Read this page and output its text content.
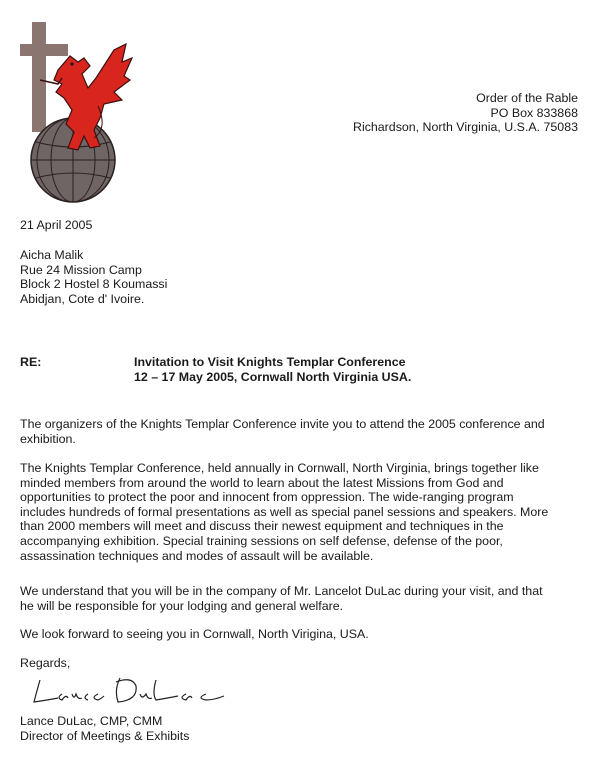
Order of the Rable
PO Box 833868
Richardson, North Virginia, U.S.A. 75083
21 April 2005
Aicha Malik
Rue 24 Mission Camp
Block 2 Hostel 8 Koumassi
Abidjan, Cote d' Ivoire.
RE:	Invitation to Visit Knights Templar Conference
12 – 17 May 2005, Cornwall North Virginia USA.
The organizers of the Knights Templar Conference invite you to attend the 2005 conference and
exhibition.
The Knights Templar Conference, held annually in Cornwall, North Virginia, brings together like
minded members from around the world to learn about the latest Missions from God and
opportunities to protect the poor and innocent from oppression. The wide-ranging program
includes hundreds of formal presentations as well as special panel sessions and speakers. More
than 2000 members will meet and discuss their newest equipment and techniques in the
accompanying exhibition. Special training sessions on self defense, defense of the poor,
assassination techniques and modes of assault will be available.
We understand that you will be in the company of Mr. Lancelot DuLac during your visit, and that
he will be responsible for your lodging and general welfare.
We look forward to seeing you in Cornwall, North Virigina, USA.
Regards,
Lance DuLac, CMP, CMM
Director of Meetings & Exhibits
